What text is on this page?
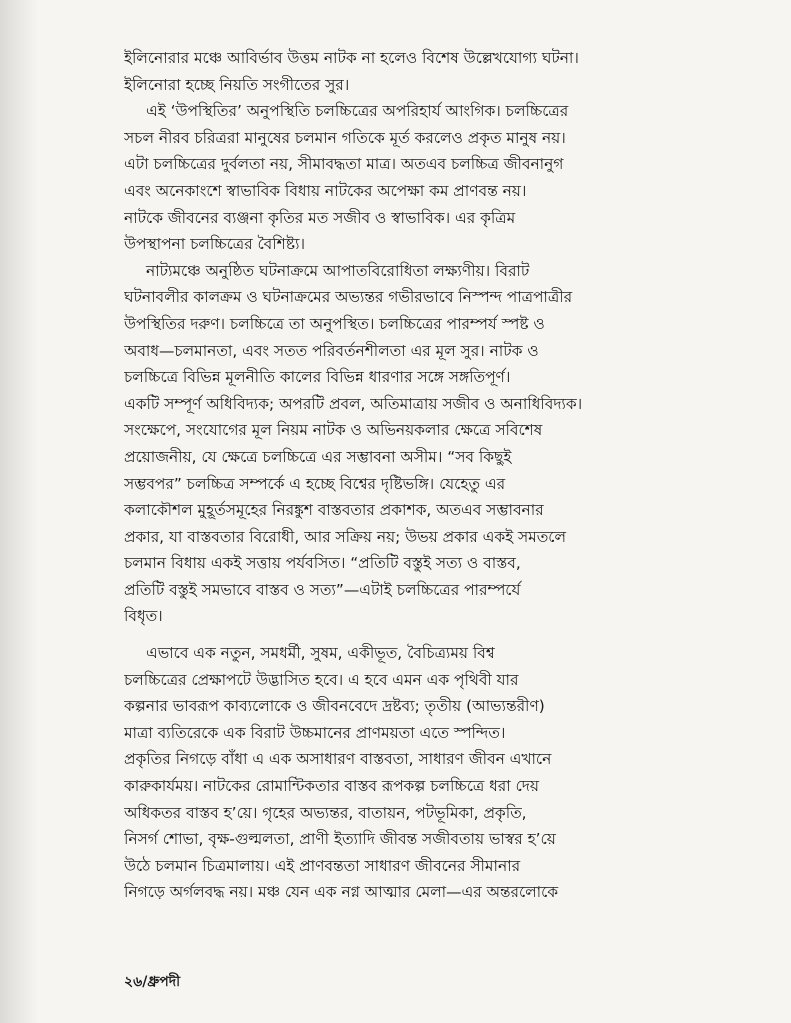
ইলিনোরার মঞ্চে আবির্ভাব উত্তম নাটক না হলেও বিশেষ উল্লেখযোগ্য ঘটনা।
ইলিনোরা হচ্ছে নিয়তি সংগীতের সুর।
এই ‘উপস্থিতির’ অনুপস্থিতি চলচ্চিত্রের অপরিহার্য আংগিক। চলচ্চিত্রের
সচল নীরব চরিত্ররা মানুষের চলমান গতিকে মূর্ত করলেও প্রকৃত মানুষ নয়।
এটা চলচ্চিত্রের দুর্বলতা নয়, সীমাবদ্ধতা মাত্র। অতএব চলচ্চিত্র জীবনানুগ
এবং অনেকাংশে স্বাভাবিক বিধায় নাটকের অপেক্ষা কম প্রাণবন্ত নয়।
নাটকে জীবনের ব্যঞ্জনা কৃতির মত সজীব ও স্বাভাবিক। এর কৃত্রিম
উপস্থাপনা চলচ্চিত্রের বৈশিষ্ট্য।
নাট্যমঞ্চে অনুষ্ঠিত ঘটনাক্রমে আপাতবিরোধিতা লক্ষ্যণীয়। বিরাট
ঘটনাবলীর কালক্রম ও ঘটনাক্রমের অভ্যন্তর গভীরভাবে নিস্পন্দ পাত্রপাত্রীর
উপস্থিতির দরুণ। চলচ্চিত্রে তা অনুপস্থিত। চলচ্চিত্রের পারম্পর্য স্পষ্ট ও
অবাধ—চলমানতা, এবং সতত পরিবর্তনশীলতা এর মূল সুর। নাটক ও
চলচ্চিত্রে বিভিন্ন মূলনীতি কালের বিভিন্ন ধারণার সঙ্গে সঙ্গতিপূর্ণ।
একটি সম্পূর্ণ অধিবিদ্যক; অপরটি প্রবল, অতিমাত্রায় সজীব ও অনাধিবিদ্যক।
সংক্ষেপে, সংযোগের মূল নিয়ম নাটক ও অভিনয়কলার ক্ষেত্রে সবিশেষ
প্রয়োজনীয়, যে ক্ষেত্রে চলচ্চিত্রে এর সম্ভাবনা অসীম। “সব কিছুই
সম্ভবপর” চলচ্চিত্র সম্পর্কে এ হচ্ছে বিশ্বের দৃষ্টিভঙ্গি। যেহেতু এর
কলাকৌশল মুহূর্তসমূহের নিরঙ্কুশ বাস্তবতার প্রকাশক, অতএব সম্ভাবনার
প্রকার, যা বাস্তবতার বিরোধী, আর সক্রিয় নয়; উভয় প্রকার একই সমতলে
চলমান বিধায় একই সত্তায় পর্যবসিত। “প্রতিটি বস্তুই সত্য ও বাস্তব,
প্রতিটি বস্তুই সমভাবে বাস্তব ও সত্য”—এটাই চলচ্চিত্রের পারম্পর্যে
বিধৃত।
এভাবে এক নতুন, সমধর্মী, সুষম, একীভূত, বৈচিত্র্যময় বিশ্ব
চলচ্চিত্রের প্রেক্ষাপটে উদ্ভাসিত হবে। এ হবে এমন এক পৃথিবী যার
কল্পনার ভাবরূপ কাব্যলোকে ও জীবনবেদে দ্রষ্টব্য; তৃতীয় (আভ্যন্তরীণ)
মাত্রা ব্যতিরেকে এক বিরাট উচ্চমানের প্রাণময়তা এতে স্পন্দিত।
প্রকৃতির নিগড়ে বাঁধা এ এক অসাধারণ বাস্তবতা, সাধারণ জীবন এখানে
কারুকার্যময়। নাটকের রোমান্টিকতার বাস্তব রূপকল্প চলচ্চিত্রে ধরা দেয়
অধিকতর বাস্তব হ’য়ে। গৃহের অভ্যন্তর, বাতায়ন, পটভূমিকা, প্রকৃতি,
নিসর্গ শোভা, বৃক্ষ-গুল্মলতা, প্রাণী ইত্যাদি জীবন্ত সজীবতায় ভাস্বর হ’য়ে
উঠে চলমান চিত্রমালায়। এই প্রাণবন্ততা সাধারণ জীবনের সীমানার
নিগড়ে অর্গলবদ্ধ নয়। মঞ্চ যেন এক নগ্ন আত্মার মেলা—এর অন্তরলোকে
২৬/ধ্রুপদী
